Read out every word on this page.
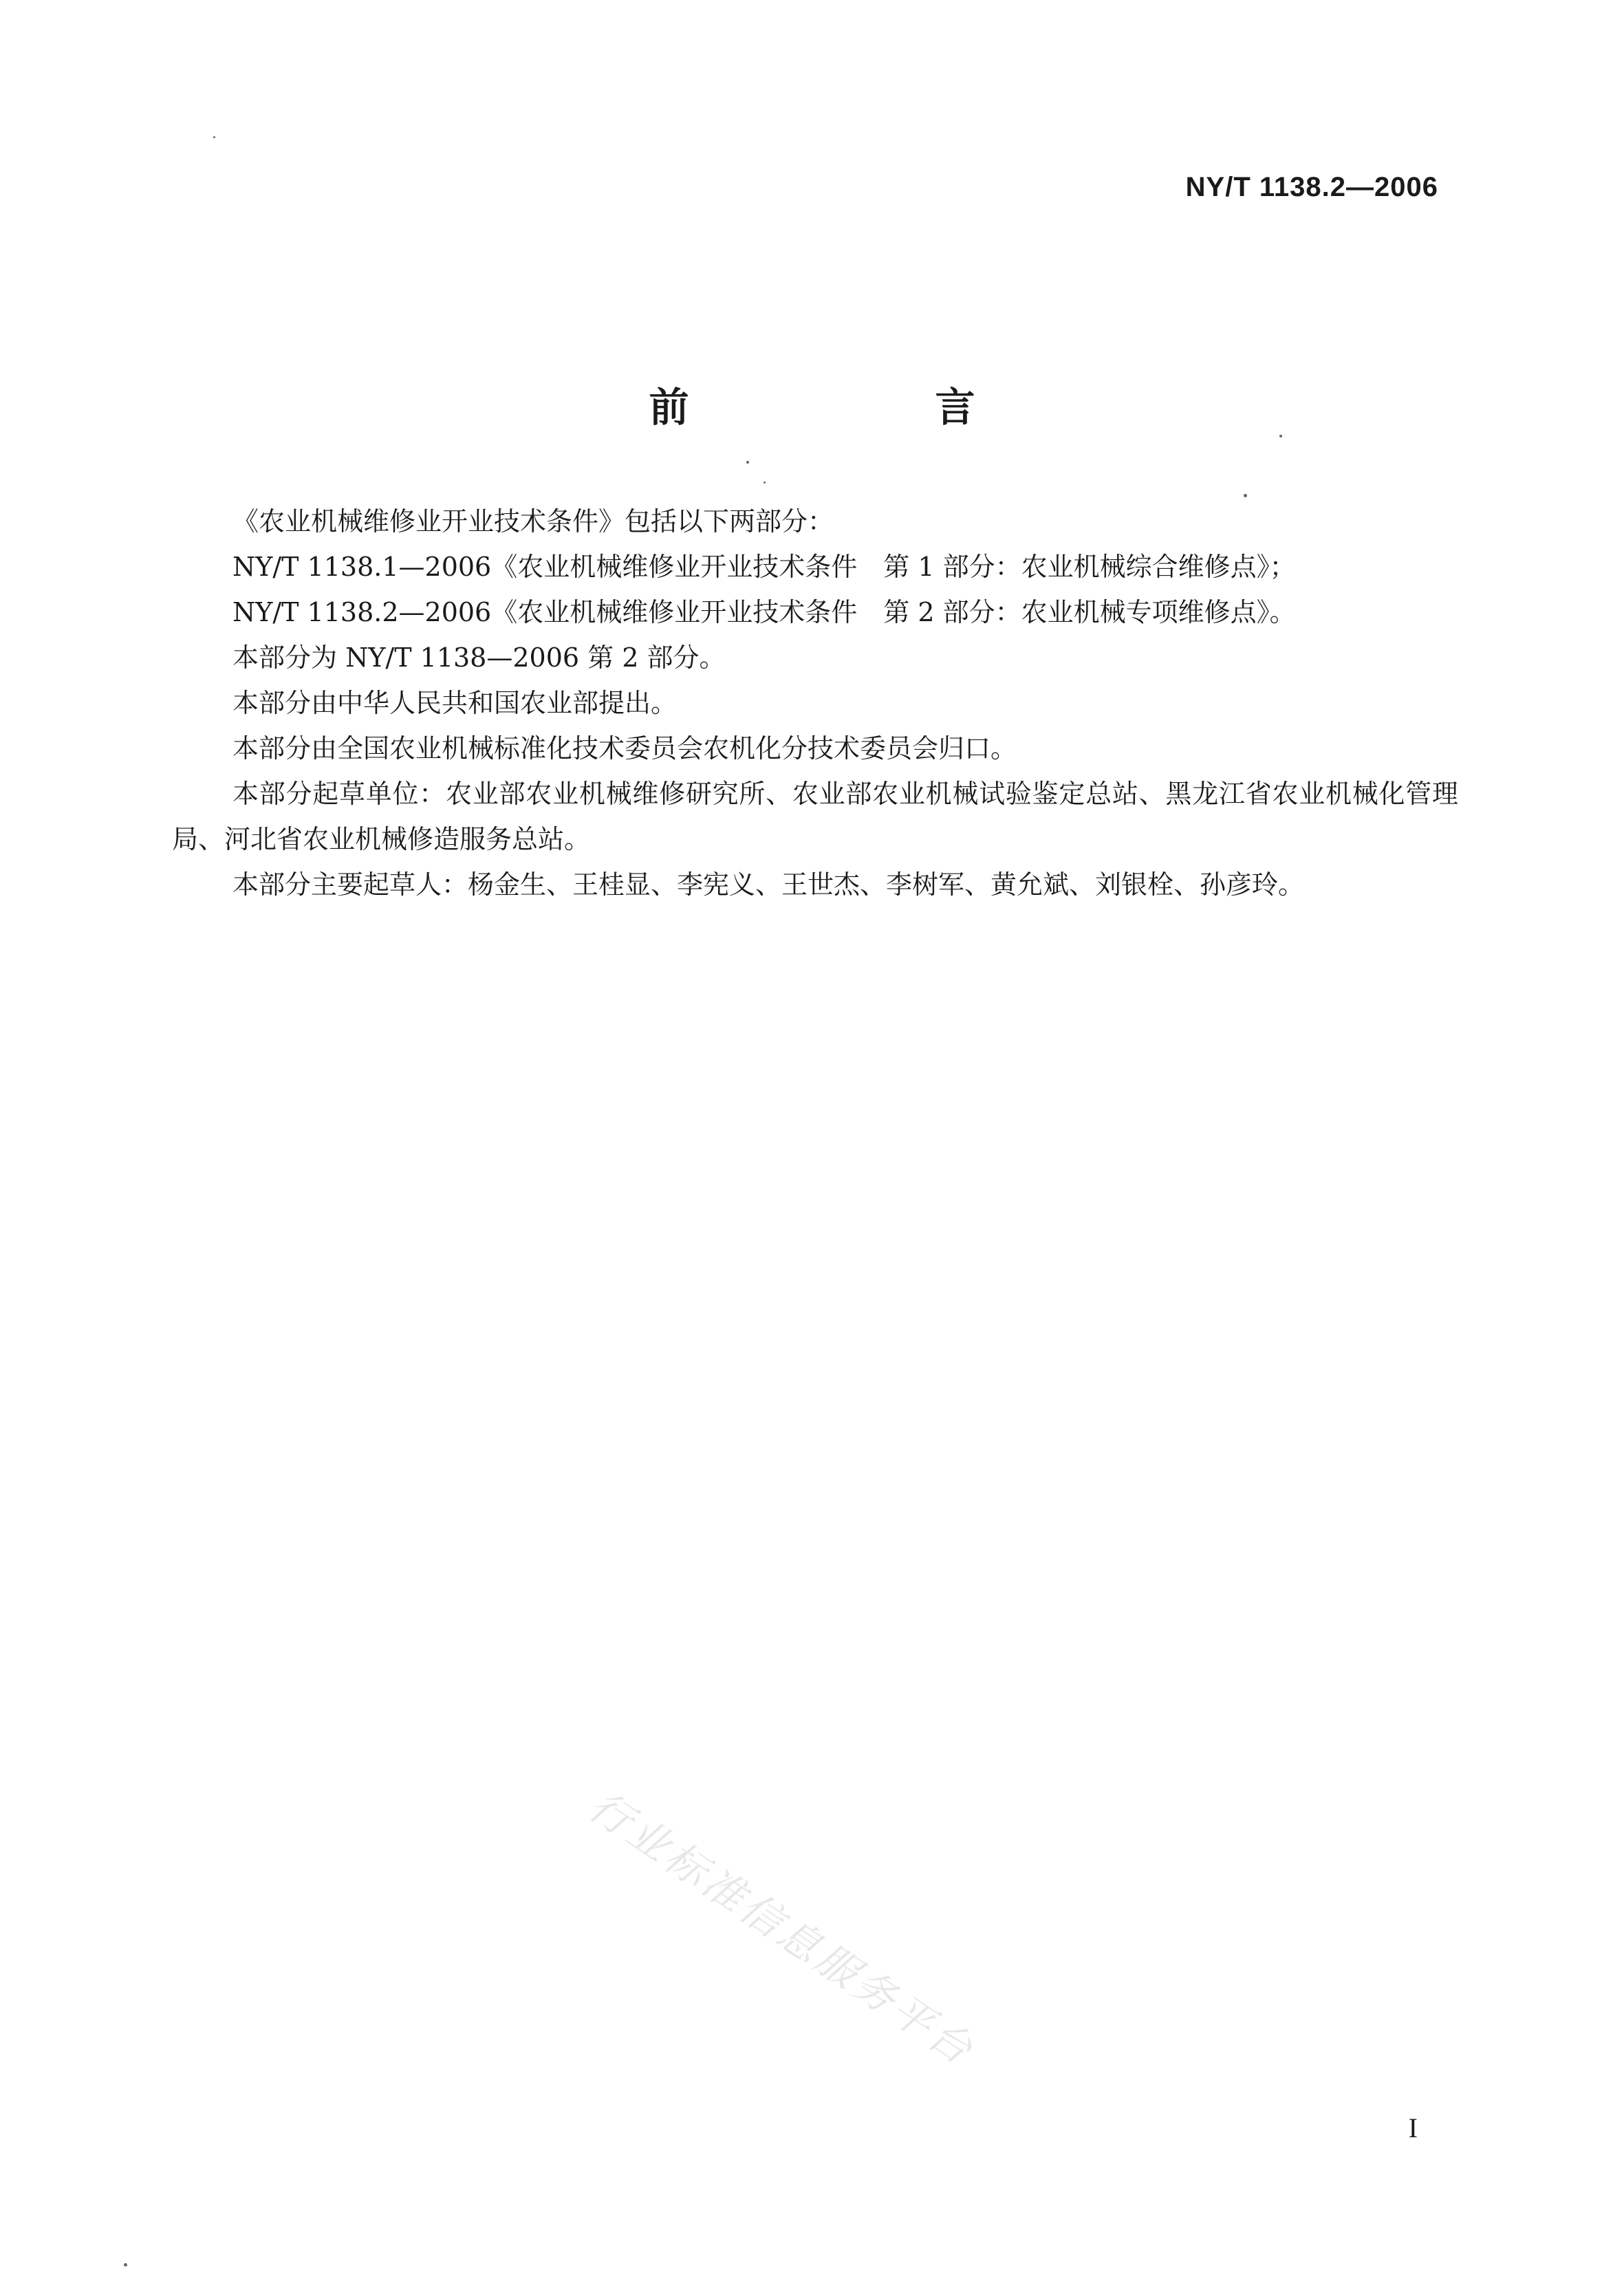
NY/T 1138.2—2006
前　言

《农业机械维修业开业技术条件》包括以下两部分：

NY/T 1138.1—2006《农业机械维修业开业技术条件　第 1 部分：农业机械综合维修点》；

NY/T 1138.2—2006《农业机械维修业开业技术条件　第 2 部分：农业机械专项维修点》。

本部分为 NY/T 1138—2006 第 2 部分。

本部分由中华人民共和国农业部提出。

本部分由全国农业机械标准化技术委员会农机化分技术委员会归口。

本部分起草单位：农业部农业机械维修研究所、农业部农业机械试验鉴定总站、黑龙江省农业机械化管理局、河北省农业机械修造服务总站。

本部分主要起草人：杨金生、王桂显、李宪义、王世杰、李树军、黄允斌、刘银栓、孙彦玲。

行业标准信息服务平台
I
